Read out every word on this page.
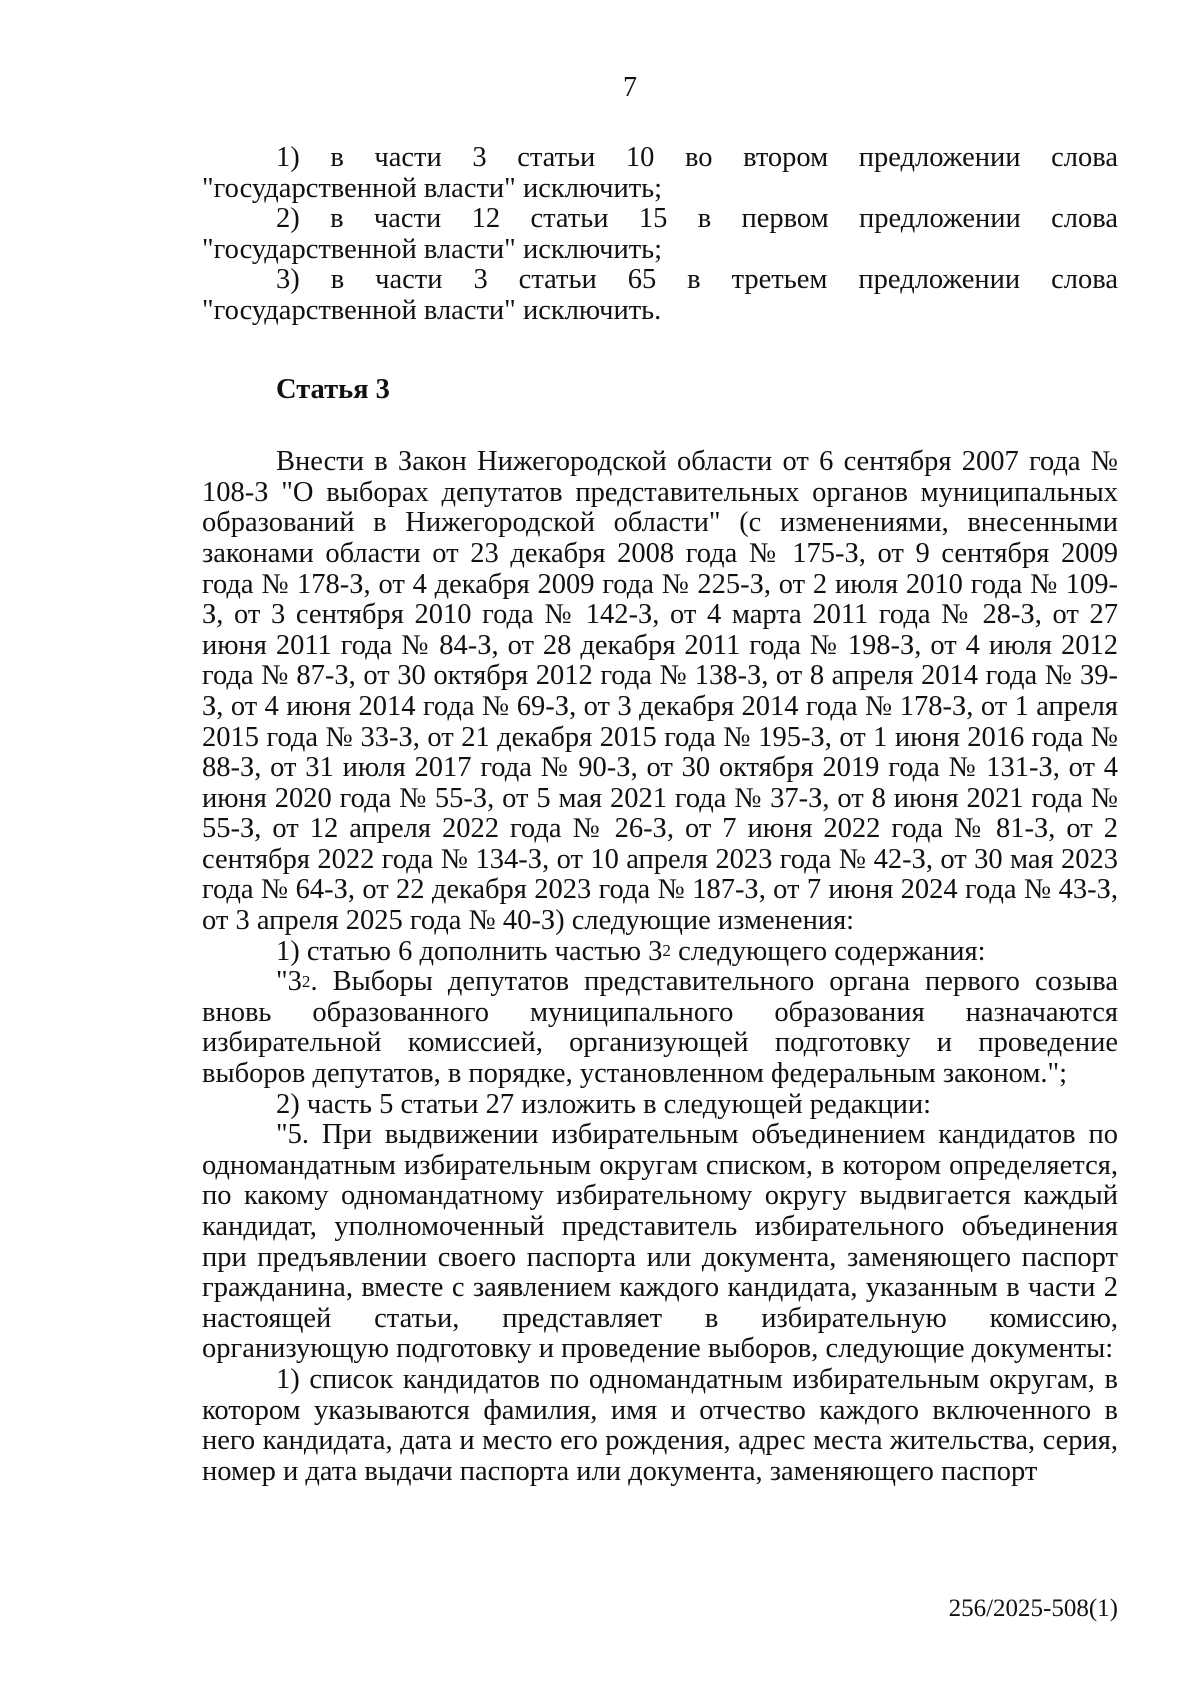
7

1) в части 3 статьи 10 во втором предложении слова "государственной власти" исключить;

2) в части 12 статьи 15 в первом предложении слова "государственной власти" исключить;

3) в части 3 статьи 65 в третьем предложении слова "государственной власти" исключить.

Статья 3

Внести в Закон Нижегородской области от 6 сентября 2007 года № 108-З "О выборах депутатов представительных органов муниципальных образований в Нижегородской области" (с изменениями, внесенными законами области от 23 декабря 2008 года № 175-З, от 9 сентября 2009 года № 178-З, от 4 декабря 2009 года № 225-З, от 2 июля 2010 года № 109-З, от 3 сентября 2010 года № 142-З, от 4 марта 2011 года № 28-З, от 27 июня 2011 года № 84-З, от 28 декабря 2011 года № 198-З, от 4 июля 2012 года № 87-З, от 30 октября 2012 года № 138-З, от 8 апреля 2014 года № 39-З, от 4 июня 2014 года № 69-З, от 3 декабря 2014 года № 178-З, от 1 апреля 2015 года № 33-З, от 21 декабря 2015 года № 195-З, от 1 июня 2016 года № 88-З, от 31 июля 2017 года № 90-З, от 30 октября 2019 года № 131-З, от 4 июня 2020 года № 55-З, от 5 мая 2021 года № 37-З, от 8 июня 2021 года № 55-З, от 12 апреля 2022 года № 26-З, от 7 июня 2022 года № 81-З, от 2 сентября 2022 года № 134-З, от 10 апреля 2023 года № 42-З, от 30 мая 2023 года № 64-З, от 22 декабря 2023 года № 187-З, от 7 июня 2024 года № 43-З, от 3 апреля 2025 года № 40-З) следующие изменения:

1) статью 6 дополнить частью $3^2$ следующего содержания:

"$3^2$. Выборы депутатов представительного органа первого созыва вновь образованного муниципального образования назначаются избирательной комиссией, организующей подготовку и проведение выборов депутатов, в порядке, установленном федеральным законом.";

2) часть 5 статьи 27 изложить в следующей редакции:

"5. При выдвижении избирательным объединением кандидатов по одномандатным избирательным округам списком, в котором определяется, по какому одномандатному избирательному округу выдвигается каждый кандидат, уполномоченный представитель избирательного объединения при предъявлении своего паспорта или документа, заменяющего паспорт гражданина, вместе с заявлением каждого кандидата, указанным в части 2 настоящей статьи, представляет в избирательную комиссию, организующую подготовку и проведение выборов, следующие документы:

1) список кандидатов по одномандатным избирательным округам, в котором указываются фамилия, имя и отчество каждого включенного в него кандидата, дата и место его рождения, адрес места жительства, серия, номер и дата выдачи паспорта или документа, заменяющего паспорт

256/2025-508(1)
